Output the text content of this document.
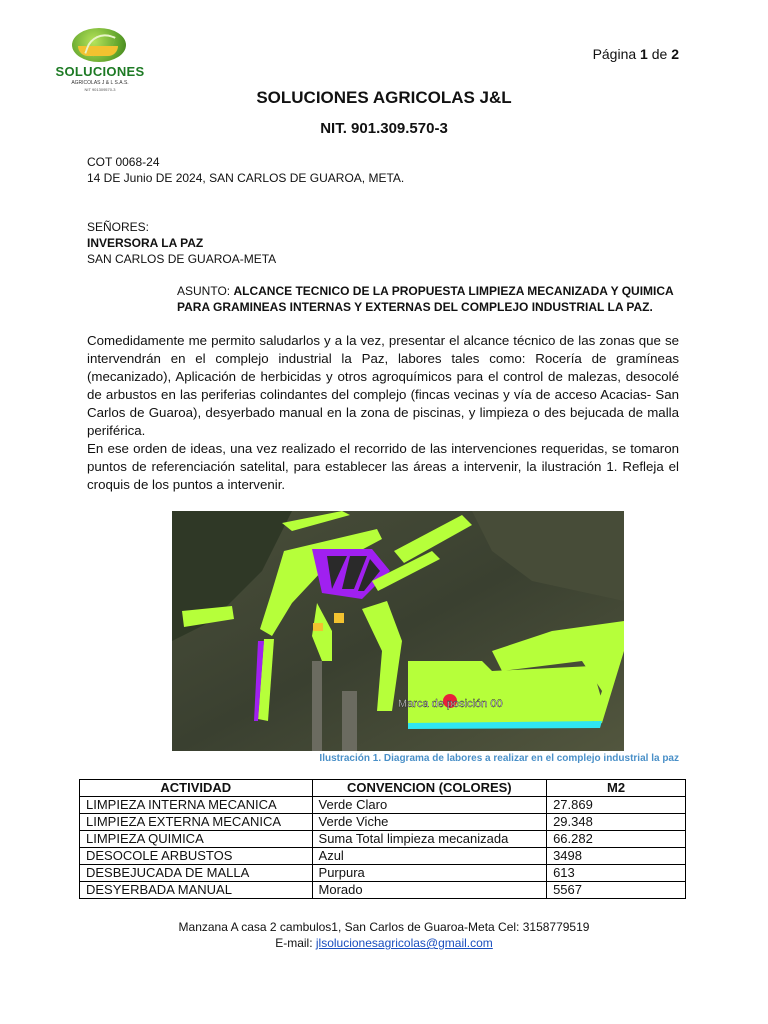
SOLUCIONES
AGRICOLAS J & L S.A.S.
NIT 901309570-3
Página 1 de 2
SOLUCIONES AGRICOLAS J&L
NIT. 901.309.570-3
COT 0068-24
14 DE Junio DE 2024, SAN CARLOS DE GUAROA, META.
SEÑORES:
INVERSORA LA PAZ
SAN CARLOS DE GUAROA-META
ASUNTO: ALCANCE TECNICO DE LA PROPUESTA LIMPIEZA MECANIZADA Y QUIMICA
PARA GRAMINEAS INTERNAS Y EXTERNAS DEL COMPLEJO INDUSTRIAL LA PAZ.
Comedidamente me permito saludarlos y a la vez, presentar el alcance técnico de las zonas que se intervendrán en el complejo industrial la Paz, labores tales como: Rocería de gramíneas (mecanizado), Aplicación de herbicidas y otros agroquímicos para el control de malezas, desocolé de arbustos en las periferias colindantes del complejo (fincas vecinas y vía de acceso Acacias- San Carlos de Guaroa), desyerbado manual en la zona de piscinas, y limpieza o des bejucada de malla periférica.
En ese orden de ideas, una vez realizado el recorrido de las intervenciones requeridas, se tomaron puntos de referenciación satelital, para establecer las áreas a intervenir, la ilustración 1. Refleja el croquis de los puntos a intervenir.
Marca de posición 00
Ilustración 1. Diagrama de labores a realizar en el complejo industrial la paz
ACTIVIDAD	CONVENCION (COLORES)	M2
LIMPIEZA INTERNA MECANICA	Verde Claro	27.869
LIMPIEZA EXTERNA MECANICA	Verde Viche	29.348
LIMPIEZA QUIMICA	Suma Total limpieza mecanizada	66.282
DESOCOLE ARBUSTOS	Azul	3498
DESBEJUCADA DE MALLA	Purpura	613
DESYERBADA MANUAL	Morado	5567
Manzana A casa 2 cambulos1, San Carlos de Guaroa-Meta Cel: 3158779519
E-mail: jlsolucionesagricolas@gmail.com
